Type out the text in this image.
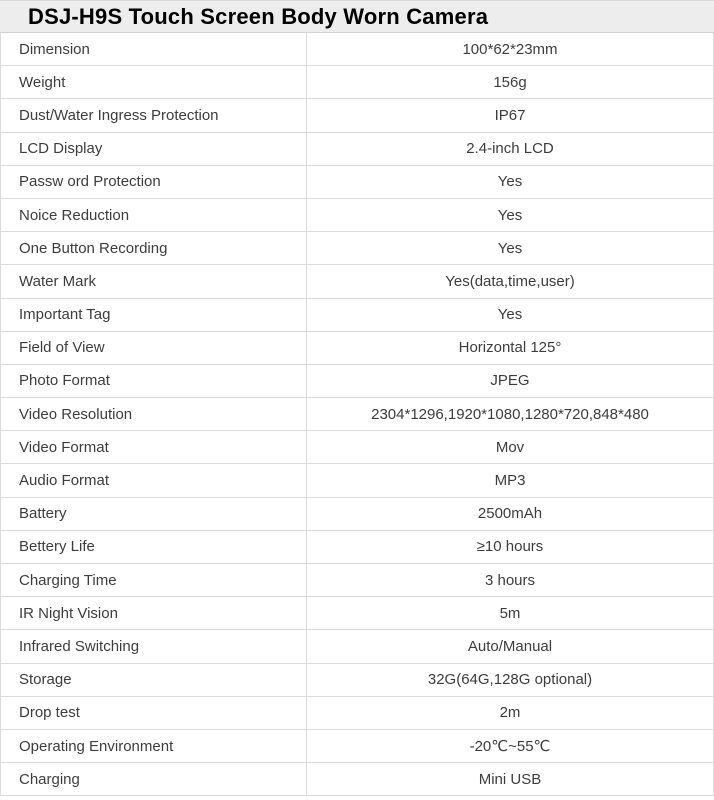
DSJ-H9S Touch Screen Body Worn Camera
Dimension	100*62*23mm
Weight	156g
Dust/Water Ingress Protection	IP67
LCD Display	2.4-inch LCD
Passw ord Protection	Yes
Noice Reduction	Yes
One Button Recording	Yes
Water Mark	Yes(data,time,user)
Important Tag	Yes
Field of View	Horizontal 125°
Photo Format	JPEG
Video Resolution	2304*1296,1920*1080,1280*720,848*480
Video Format	Mov
Audio Format	MP3
Battery	2500mAh
Bettery Life	≥10 hours
Charging Time	3 hours
IR Night Vision	5m
Infrared Switching	Auto/Manual
Storage	32G(64G,128G optional)
Drop test	2m
Operating Environment	-20℃~55℃
Charging	Mini USB
